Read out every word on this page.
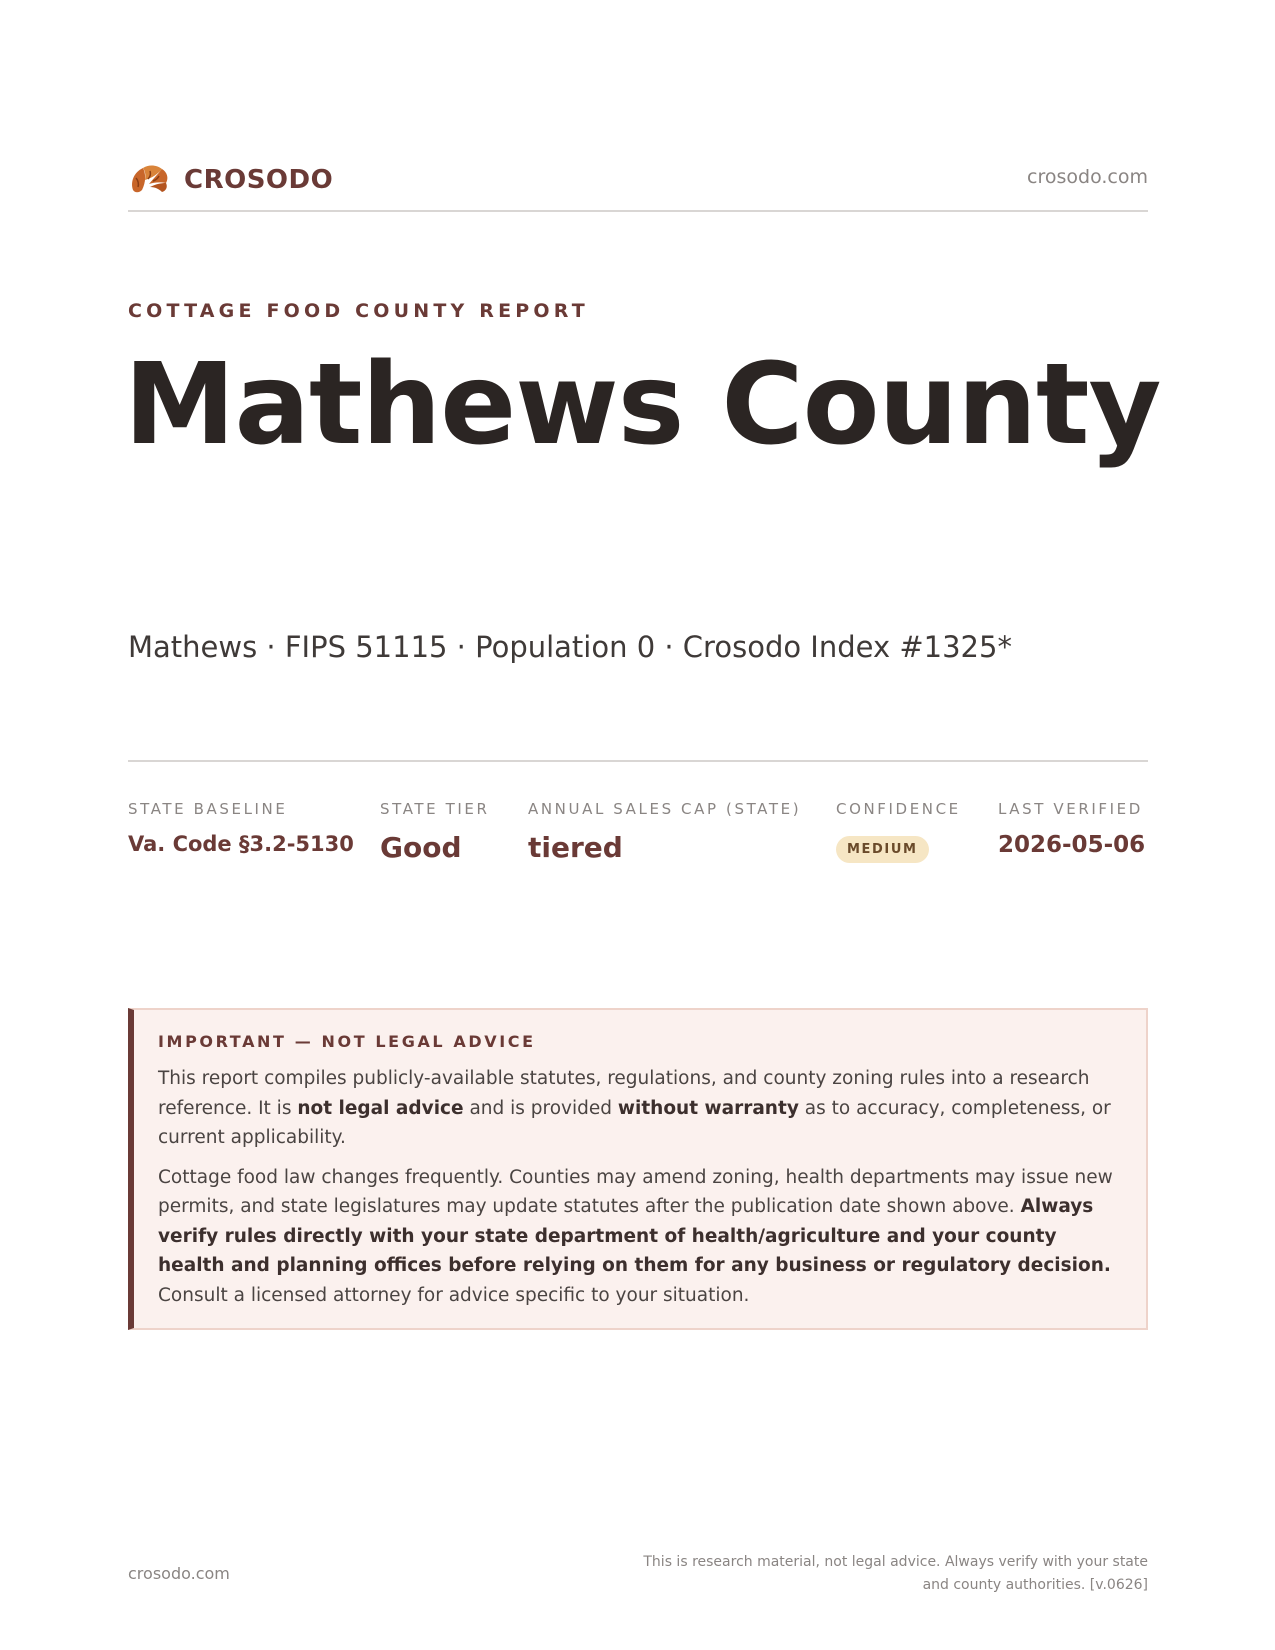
CROSODO	crosodo.com
COTTAGE FOOD COUNTY REPORT
Mathews County
Mathews · FIPS 51115 · Population 0 · Crosodo Index #1325*
STATE BASELINE
Va. Code §3.2-5130
STATE TIER
Good
ANNUAL SALES CAP (STATE)
tiered
CONFIDENCE
MEDIUM
LAST VERIFIED
2026-05-06
IMPORTANT — NOT LEGAL ADVICE

This report compiles publicly-available statutes, regulations, and county zoning rules into a research reference. It is not legal advice and is provided without warranty as to accuracy, completeness, or current applicability.

Cottage food law changes frequently. Counties may amend zoning, health departments may issue new permits, and state legislatures may update statutes after the publication date shown above. Always verify rules directly with your state department of health/agriculture and your county health and planning offices before relying on them for any business or regulatory decision. Consult a licensed attorney for advice specific to your situation.

crosodo.com
This is research material, not legal advice. Always verify with your state
and county authorities. [v.0626]
